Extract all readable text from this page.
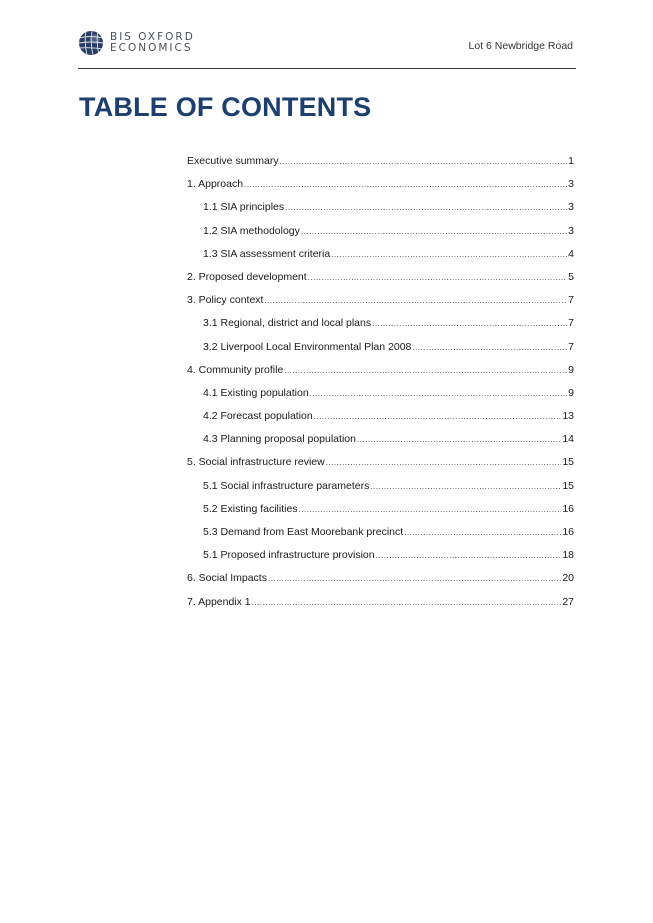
BIS OXFORD
ECONOMICS	Lot 6 Newbridge Road
TABLE OF CONTENTS
Executive summary .....	1
1. Approach .....	3
1.1 SIA principles .....	3
1.2 SIA methodology .....	3
1.3 SIA assessment criteria .....	4
2. Proposed development .....	5
3. Policy context .....	7
3.1 Regional, district and local plans .....	7
3.2 Liverpool Local Environmental Plan 2008 .....	7
4. Community profile .....	9
4.1 Existing population .....	9
4.2 Forecast population .....	13
4.3 Planning proposal population .....	14
5. Social infrastructure review .....	15
5.1 Social infrastructure parameters .....	15
5.2 Existing facilities .....	16
5.3 Demand from East Moorebank precinct .....	16
5.1 Proposed infrastructure provision .....	18
6. Social Impacts .....	20
7. Appendix 1 .....	27
